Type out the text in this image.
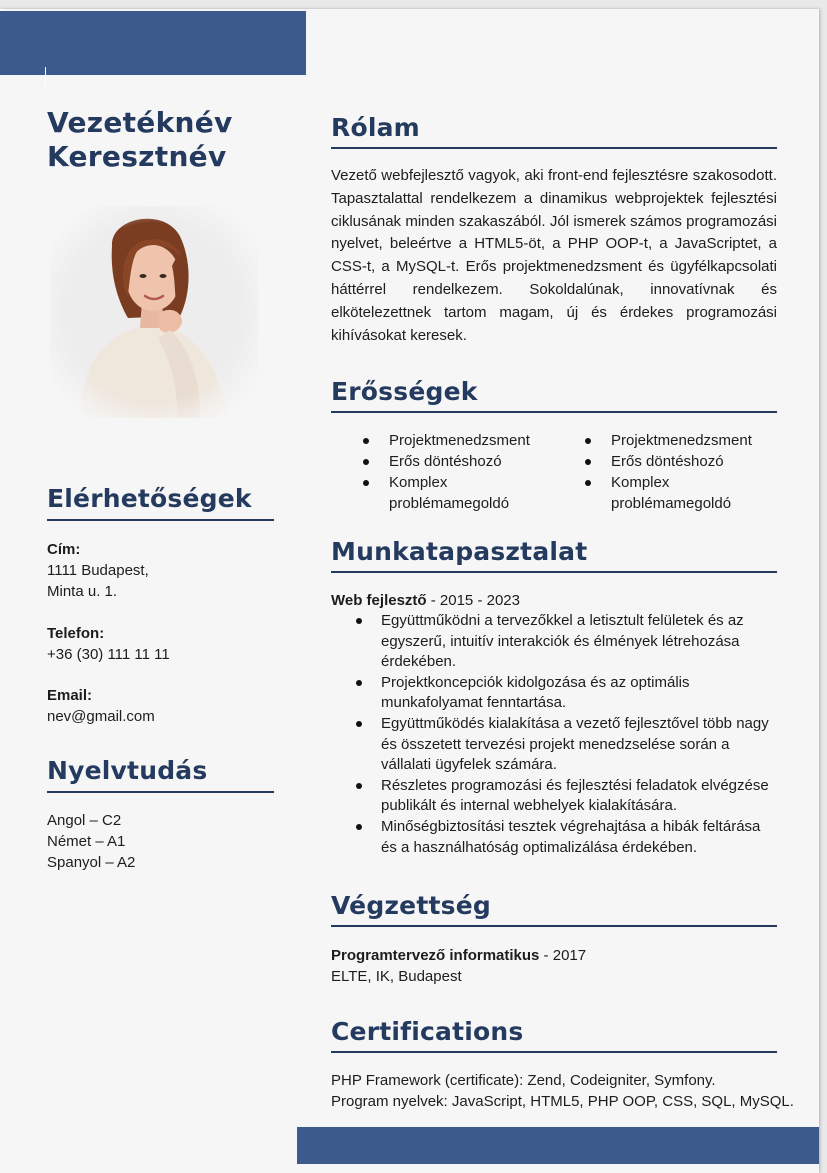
Vezetéknév
Keresztnév
Elérhetőségek
Cím:
1111 Budapest,
Minta u. 1.
Telefon:
+36 (30) 111 11 11
Email:
nev@gmail.com
Nyelvtudás
Angol – C2
Német – A1
Spanyol – A2
Rólam
Vezető webfejlesztő vagyok, aki front-end fejlesztésre szakosodott. Tapasztalattal rendelkezem a dinamikus webprojektek fejlesztési ciklusának minden szakaszából. Jól ismerek számos programozási nyelvet, beleértve a HTML5-öt, a PHP OOP-t, a JavaScriptet, a CSS-t, a MySQL-t. Erős projektmenedzsment és ügyfélkapcsolati háttérrel rendelkezem. Sokoldalúnak, innovatívnak és elkötelezettnek tartom magam, új és érdekes programozási kihívásokat keresek.
Erősségek
Projektmenedzsment
Erős döntéshozó
Komplex problémamegoldó
Projektmenedzsment
Erős döntéshozó
Komplex problémamegoldó
Munkatapasztalat
Web fejlesztő - 2015 - 2023
Együttműködni a tervezőkkel a letisztult felületek és az egyszerű, intuitív interakciók és élmények létrehozása érdekében.
Projektkoncepciók kidolgozása és az optimális munkafolyamat fenntartása.
Együttműködés kialakítása a vezető fejlesztővel több nagy és összetett tervezési projekt menedzselése során a vállalati ügyfelek számára.
Részletes programozási és fejlesztési feladatok elvégzése publikált és internal webhelyek kialakítására.
Minőségbiztosítási tesztek végrehajtása a hibák feltárása és a használhatóság optimalizálása érdekében.
Végzettség
Programtervező informatikus - 2017
ELTE, IK, Budapest
Certifications
PHP Framework (certificate): Zend, Codeigniter, Symfony.
Program nyelvek: JavaScript, HTML5, PHP OOP, CSS, SQL, MySQL.
